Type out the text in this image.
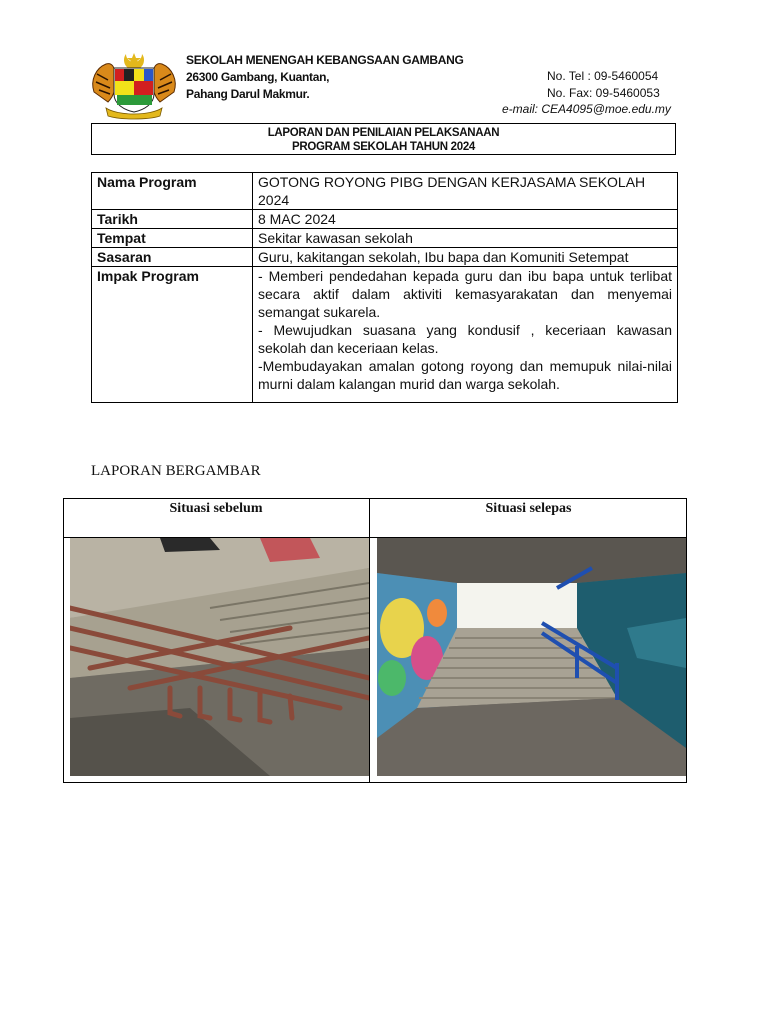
SEKOLAH MENENGAH KEBANGSAAN GAMBANG
26300 Gambang, Kuantan,
Pahang Darul Makmur.
No. Tel : 09-5460054
No. Fax: 09-5460053
e-mail: CEA4095@moe.edu.my
LAPORAN DAN PENILAIAN PELAKSANAAN
PROGRAM SEKOLAH TAHUN 2024
Nama Program	GOTONG ROYONG PIBG DENGAN KERJASAMA SEKOLAH 2024
Tarikh	8 MAC 2024
Tempat	Sekitar kawasan sekolah
Sasaran	Guru, kakitangan sekolah, Ibu bapa dan Komuniti Setempat
Impak Program	- Memberi pendedahan kepada guru dan ibu bapa untuk terlibat secara aktif dalam aktiviti kemasyarakatan dan menyemai semangat sukarela.

- Mewujudkan suasana yang kondusif , keceriaan kawasan sekolah dan keceriaan kelas.

-Membudayakan amalan gotong royong dan memupuk nilai-nilai murni dalam kalangan murid dan warga sekolah.

LAPORAN BERGAMBAR
Situasi sebelum	Situasi selepas
